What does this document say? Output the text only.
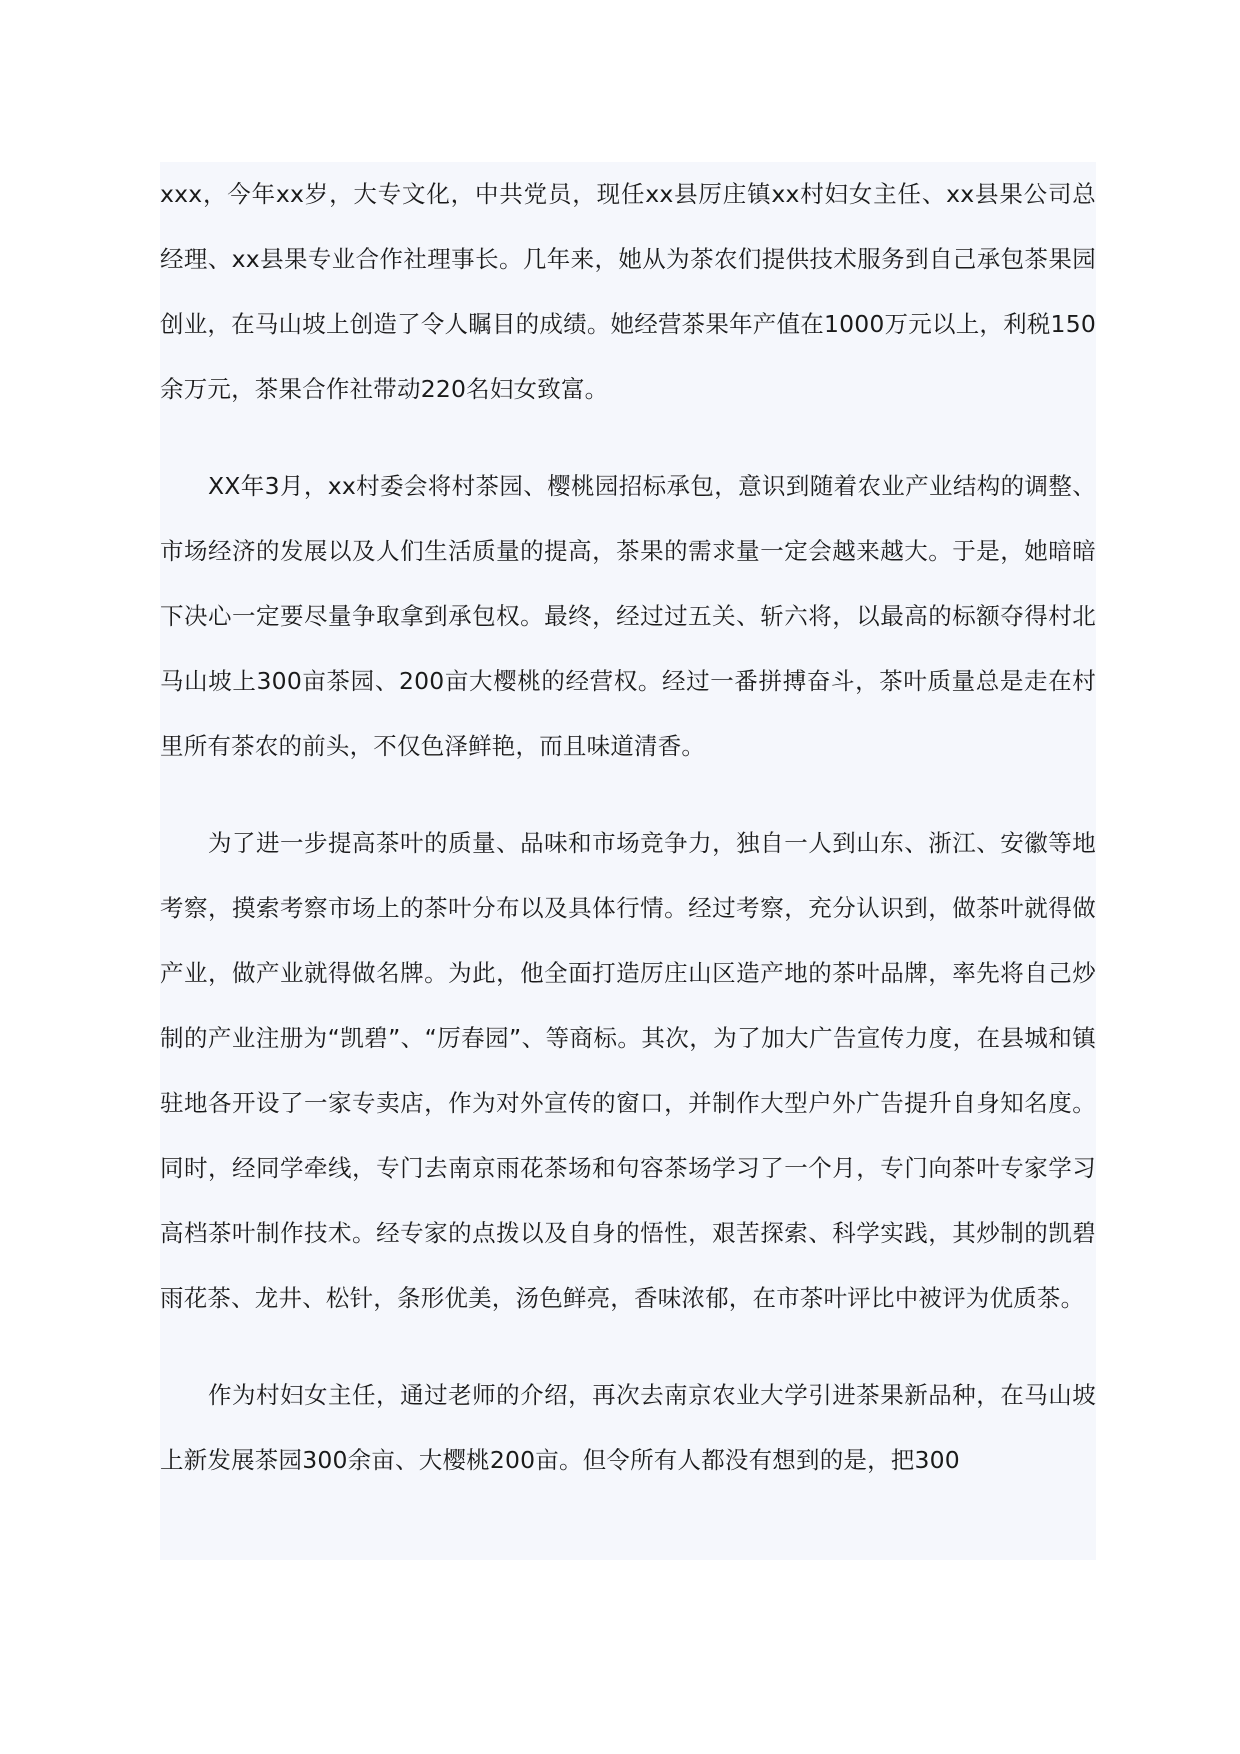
xxx，今年xx岁，大专文化，中共党员，现任xx县厉庄镇xx村妇女主任、xx县果公司总经理、xx县果专业合作社理事长。几年来，她从为茶农们提供技术服务到自己承包茶果园创业，在马山坡上创造了令人瞩目的成绩。她经营茶果年产值在1000万元以上，利税150余万元，茶果合作社带动220名妇女致富。

XX年3月，xx村委会将村茶园、樱桃园招标承包，意识到随着农业产业结构的调整、市场经济的发展以及人们生活质量的提高，茶果的需求量一定会越来越大。于是，她暗暗下决心一定要尽量争取拿到承包权。最终，经过过五关、斩六将，以最高的标额夺得村北马山坡上300亩茶园、200亩大樱桃的经营权。经过一番拼搏奋斗，茶叶质量总是走在村里所有茶农的前头，不仅色泽鲜艳，而且味道清香。

为了进一步提高茶叶的质量、品味和市场竞争力，独自一人到山东、浙江、安徽等地考察，摸索考察市场上的茶叶分布以及具体行情。经过考察，充分认识到，做茶叶就得做产业，做产业就得做名牌。为此，他全面打造厉庄山区造产地的茶叶品牌，率先将自己炒制的产业注册为“凯碧”、“厉春园”、等商标。其次，为了加大广告宣传力度，在县城和镇驻地各开设了一家专卖店，作为对外宣传的窗口，并制作大型户外广告提升自身知名度。同时，经同学牵线，专门去南京雨花茶场和句容茶场学习了一个月，专门向茶叶专家学习高档茶叶制作技术。经专家的点拨以及自身的悟性，艰苦探索、科学实践，其炒制的凯碧雨花茶、龙井、松针，条形优美，汤色鲜亮，香味浓郁，在市茶叶评比中被评为优质茶。

作为村妇女主任，通过老师的介绍，再次去南京农业大学引进茶果新品种，在马山坡上新发展茶园300余亩、大樱桃200亩。但令所有人都没有想到的是，把300
